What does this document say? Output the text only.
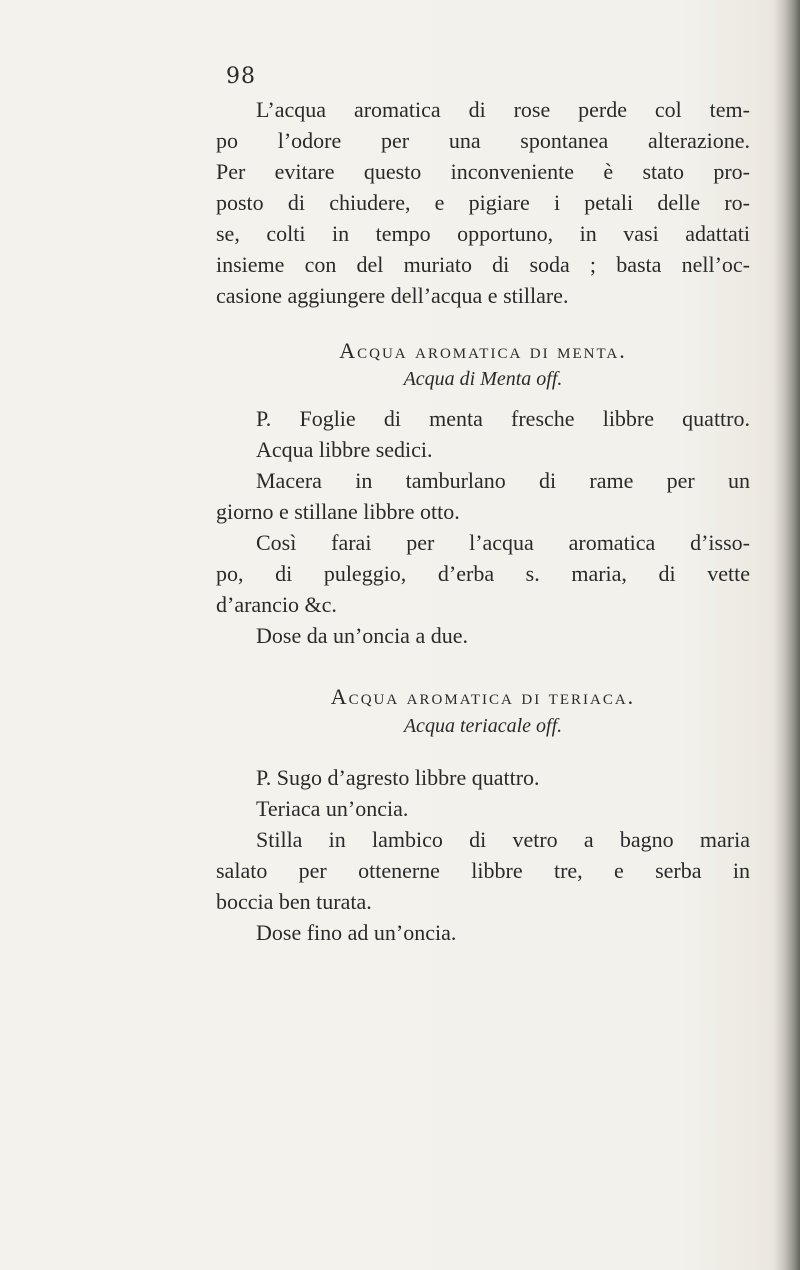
98
L’acqua aromatica di rose perde col tem-
po l’odore per una spontanea alterazione.
Per evitare questo inconveniente è stato pro-
posto di chiudere, e pigiare i petali delle ro-
se, colti in tempo opportuno, in vasi adattati
insieme con del muriato di soda ; basta nell’oc-
casione aggiungere dell’acqua e stillare.
Acqua aromatica di menta.
Acqua di Menta off.
P. Foglie di menta fresche libbre quattro.
Acqua libbre sedici.
Macera in tamburlano di rame per un
giorno e stillane libbre otto.
Così farai per l’acqua aromatica d’isso-
po, di puleggio, d’erba s. maria, di vette
d’arancio &c.
Dose da un’oncia a due.
Acqua aromatica di teriaca.
Acqua teriacale off.
P. Sugo d’agresto libbre quattro.
Teriaca un’oncia.
Stilla in lambico di vetro a bagno maria
salato per ottenerne libbre tre, e serba in
boccia ben turata.
Dose fino ad un’oncia.
